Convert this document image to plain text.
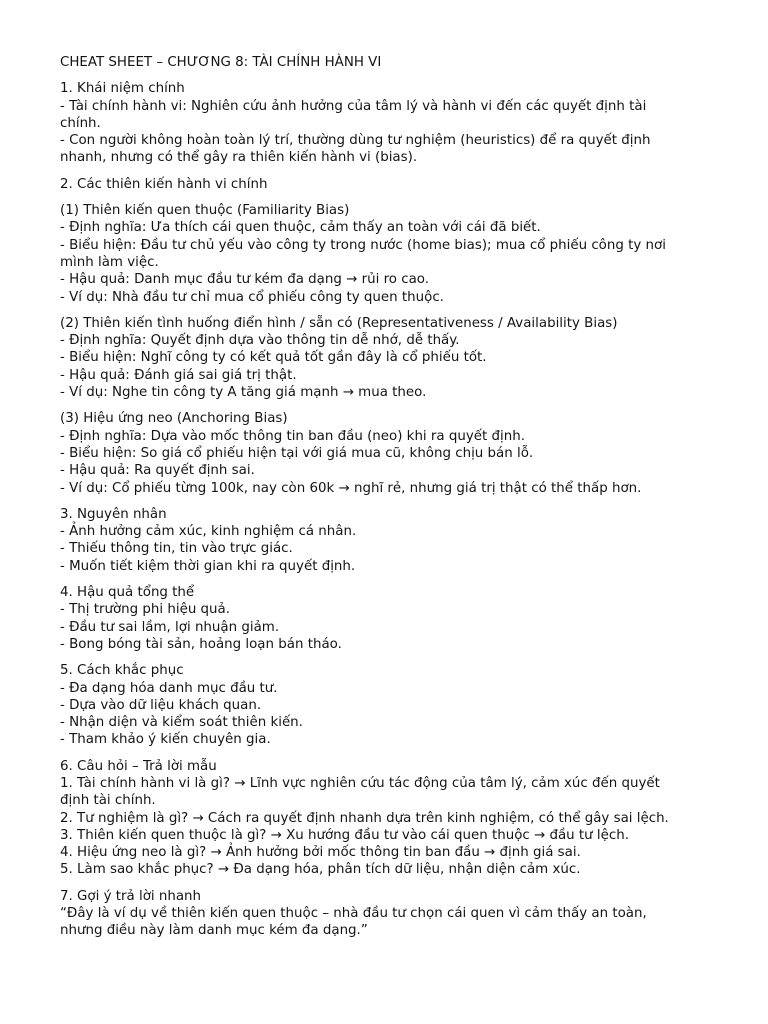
CHEAT SHEET – CHƯƠNG 8: TÀI CHÍNH HÀNH VI
1. Khái niệm chính
- Tài chính hành vi: Nghiên cứu ảnh hưởng của tâm lý và hành vi đến các quyết định tài
chính.
- Con người không hoàn toàn lý trí, thường dùng tư nghiệm (heuristics) để ra quyết định
nhanh, nhưng có thể gây ra thiên kiến hành vi (bias).
2. Các thiên kiến hành vi chính
(1) Thiên kiến quen thuộc (Familiarity Bias)
- Định nghĩa: Ưa thích cái quen thuộc, cảm thấy an toàn với cái đã biết.
- Biểu hiện: Đầu tư chủ yếu vào công ty trong nước (home bias); mua cổ phiếu công ty nơi
mình làm việc.
- Hậu quả: Danh mục đầu tư kém đa dạng → rủi ro cao.
- Ví dụ: Nhà đầu tư chỉ mua cổ phiếu công ty quen thuộc.
(2) Thiên kiến tình huống điển hình / sẵn có (Representativeness / Availability Bias)
- Định nghĩa: Quyết định dựa vào thông tin dễ nhớ, dễ thấy.
- Biểu hiện: Nghĩ công ty có kết quả tốt gần đây là cổ phiếu tốt.
- Hậu quả: Đánh giá sai giá trị thật.
- Ví dụ: Nghe tin công ty A tăng giá mạnh → mua theo.
(3) Hiệu ứng neo (Anchoring Bias)
- Định nghĩa: Dựa vào mốc thông tin ban đầu (neo) khi ra quyết định.
- Biểu hiện: So giá cổ phiếu hiện tại với giá mua cũ, không chịu bán lỗ.
- Hậu quả: Ra quyết định sai.
- Ví dụ: Cổ phiếu từng 100k, nay còn 60k → nghĩ rẻ, nhưng giá trị thật có thể thấp hơn.
3. Nguyên nhân
- Ảnh hưởng cảm xúc, kinh nghiệm cá nhân.
- Thiếu thông tin, tin vào trực giác.
- Muốn tiết kiệm thời gian khi ra quyết định.
4. Hậu quả tổng thể
- Thị trường phi hiệu quả.
- Đầu tư sai lầm, lợi nhuận giảm.
- Bong bóng tài sản, hoảng loạn bán tháo.
5. Cách khắc phục
- Đa dạng hóa danh mục đầu tư.
- Dựa vào dữ liệu khách quan.
- Nhận diện và kiểm soát thiên kiến.
- Tham khảo ý kiến chuyên gia.
6. Câu hỏi – Trả lời mẫu
1. Tài chính hành vi là gì? → Lĩnh vực nghiên cứu tác động của tâm lý, cảm xúc đến quyết
định tài chính.
2. Tư nghiệm là gì? → Cách ra quyết định nhanh dựa trên kinh nghiệm, có thể gây sai lệch.
3. Thiên kiến quen thuộc là gì? → Xu hướng đầu tư vào cái quen thuộc → đầu tư lệch.
4. Hiệu ứng neo là gì? → Ảnh hưởng bởi mốc thông tin ban đầu → định giá sai.
5. Làm sao khắc phục? → Đa dạng hóa, phân tích dữ liệu, nhận diện cảm xúc.
7. Gợi ý trả lời nhanh
“Đây là ví dụ về thiên kiến quen thuộc – nhà đầu tư chọn cái quen vì cảm thấy an toàn,
nhưng điều này làm danh mục kém đa dạng.”
